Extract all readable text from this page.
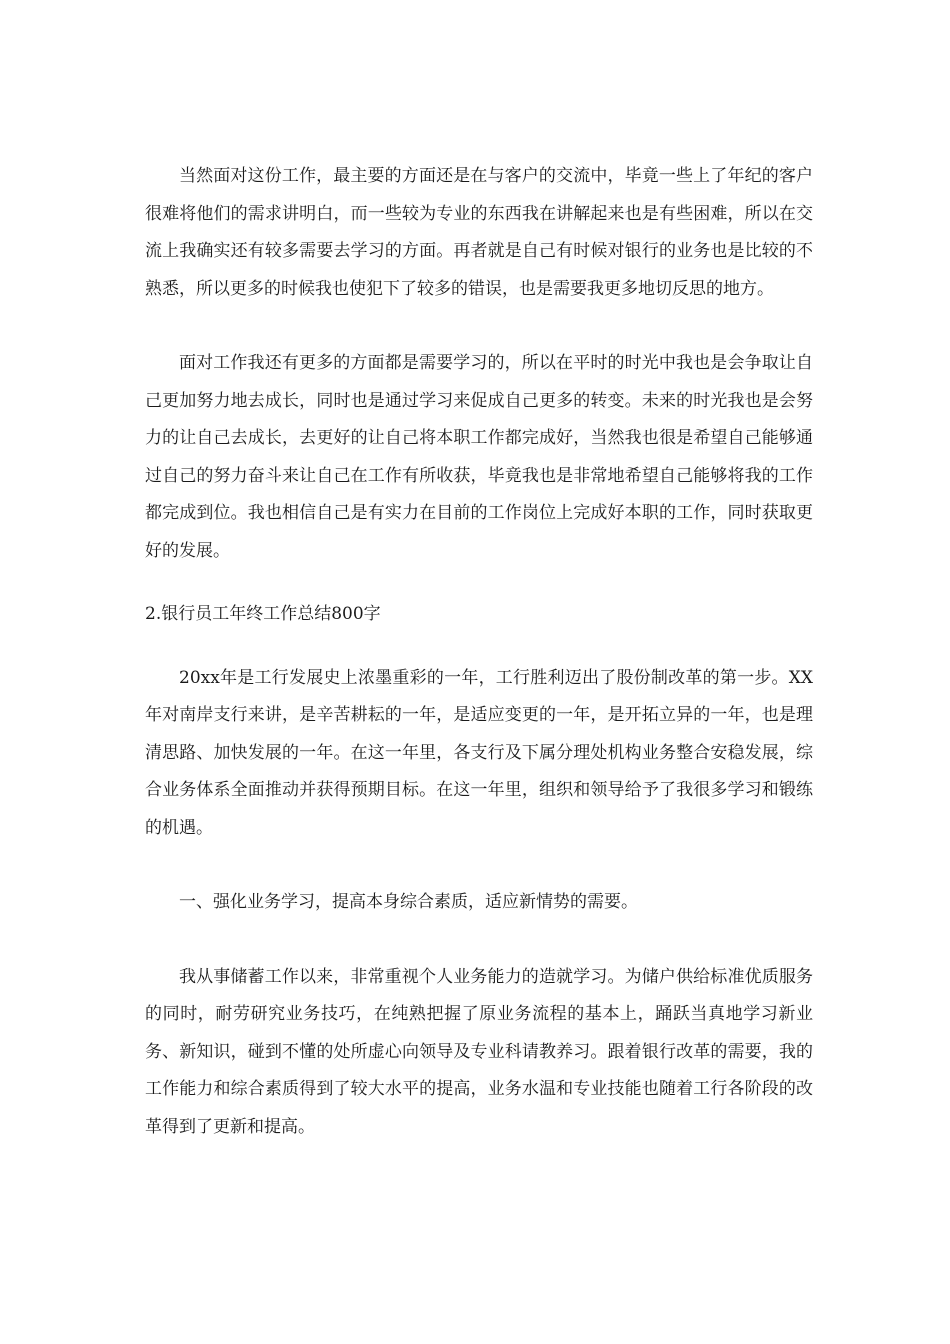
当然面对这份工作，最主要的方面还是在与客户的交流中，毕竟一些上了年纪的客户很难将他们的需求讲明白，而一些较为专业的东西我在讲解起来也是有些困难，所以在交流上我确实还有较多需要去学习的方面。再者就是自己有时候对银行的业务也是比较的不熟悉，所以更多的时候我也使犯下了较多的错误，也是需要我更多地切反思的地方。

面对工作我还有更多的方面都是需要学习的，所以在平时的时光中我也是会争取让自己更加努力地去成长，同时也是通过学习来促成自己更多的转变。未来的时光我也是会努力的让自己去成长，去更好的让自己将本职工作都完成好，当然我也很是希望自己能够通过自己的努力奋斗来让自己在工作有所收获，毕竟我也是非常地希望自己能够将我的工作都完成到位。我也相信自己是有实力在目前的工作岗位上完成好本职的工作，同时获取更好的发展。

2.银行员工年终工作总结800字

20xx年是工行发展史上浓墨重彩的一年，工行胜利迈出了股份制改革的第一步。XX年对南岸支行来讲，是辛苦耕耘的一年，是适应变更的一年，是开拓立异的一年，也是理清思路、加快发展的一年。在这一年里，各支行及下属分理处机构业务整合安稳发展，综合业务体系全面推动并获得预期目标。在这一年里，组织和领导给予了我很多学习和锻练的机遇。

一、强化业务学习，提高本身综合素质，适应新情势的需要。

我从事储蓄工作以来，非常重视个人业务能力的造就学习。为储户供给标准优质服务的同时，耐劳研究业务技巧，在纯熟把握了原业务流程的基本上，踊跃当真地学习新业务、新知识，碰到不懂的处所虚心向领导及专业科请教养习。跟着银行改革的需要，我的工作能力和综合素质得到了较大水平的提高，业务水温和专业技能也随着工行各阶段的改革得到了更新和提高。
